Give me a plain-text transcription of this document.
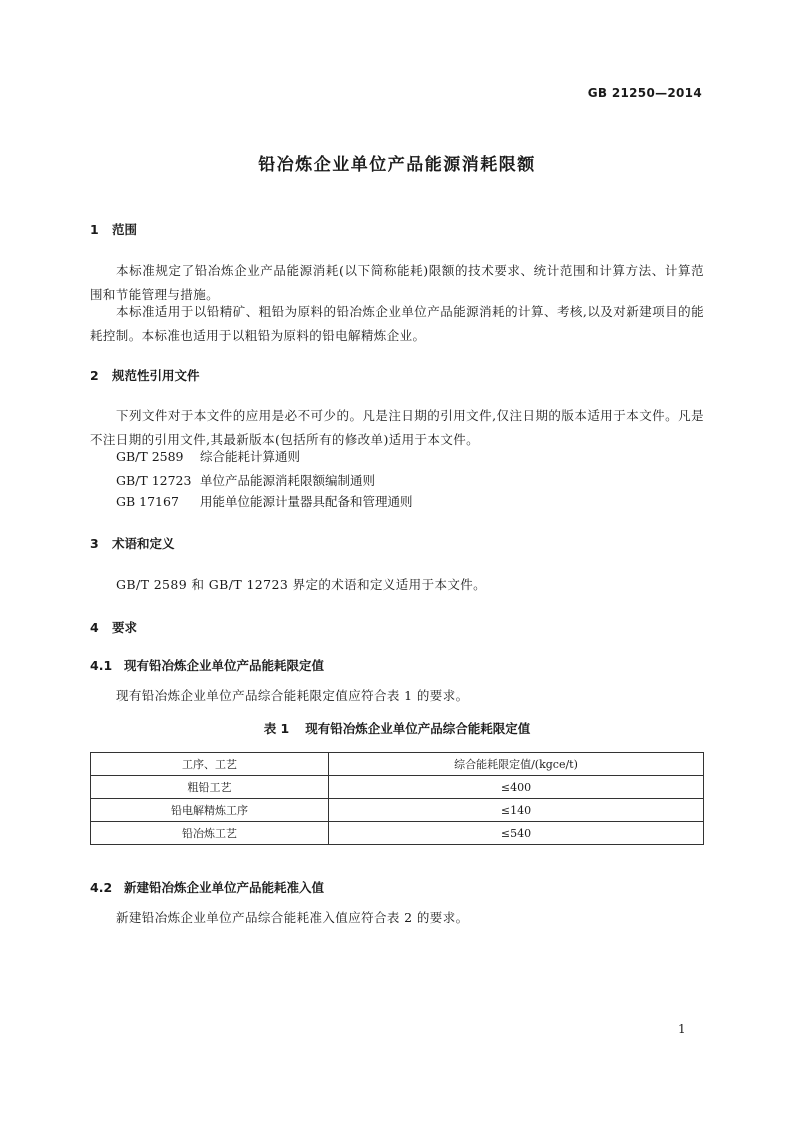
GB 21250—2014
铅冶炼企业单位产品能源消耗限额
1 范围
本标准规定了铅冶炼企业产品能源消耗(以下简称能耗)限额的技术要求、统计范围和计算方法、计算范围和节能管理与措施。
本标准适用于以铅精矿、粗铅为原料的铅冶炼企业单位产品能源消耗的计算、考核,以及对新建项目的能耗控制。本标准也适用于以粗铅为原料的铅电解精炼企业。
2 规范性引用文件
下列文件对于本文件的应用是必不可少的。凡是注日期的引用文件,仅注日期的版本适用于本文件。凡是不注日期的引用文件,其最新版本(包括所有的修改单)适用于本文件。
GB/T 2589 综合能耗计算通则
GB/T 12723 单位产品能源消耗限额编制通则
GB 17167 用能单位能源计量器具配备和管理通则
3 术语和定义
GB/T 2589 和 GB/T 12723 界定的术语和定义适用于本文件。
4 要求
4.1 现有铅冶炼企业单位产品能耗限定值
现有铅冶炼企业单位产品综合能耗限定值应符合表 1 的要求。
表 1 现有铅冶炼企业单位产品综合能耗限定值
工序、工艺	综合能耗限定值/(kgce/t)
粗铅工艺	≤400
铅电解精炼工序	≤140
铅冶炼工艺	≤540
4.2 新建铅冶炼企业单位产品能耗准入值
新建铅冶炼企业单位产品综合能耗准入值应符合表 2 的要求。
1
